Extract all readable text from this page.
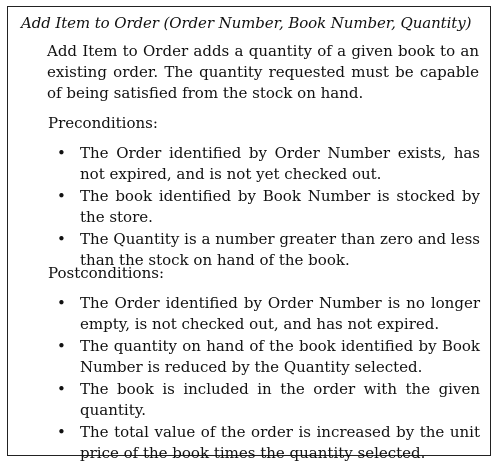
Add Item to Order (Order Number, Book Number, Quantity)
Add Item to Order adds a quantity of a given book to an existing order. The quantity requested must be capable of being satisfied from the stock on hand.
Preconditions:
• The Order identified by Order Number exists, has not expired, and is not yet checked out.
• The book identified by Book Number is stocked by the store.
• The Quantity is a number greater than zero and less than the stock on hand of the book.
Postconditions:
• The Order identified by Order Number is no longer empty, is not checked out, and has not expired.
• The quantity on hand of the book identified by Book Number is reduced by the Quantity selected.
• The book is included in the order with the given quantity.
• The total value of the order is increased by the unit price of the book times the quantity selected.
